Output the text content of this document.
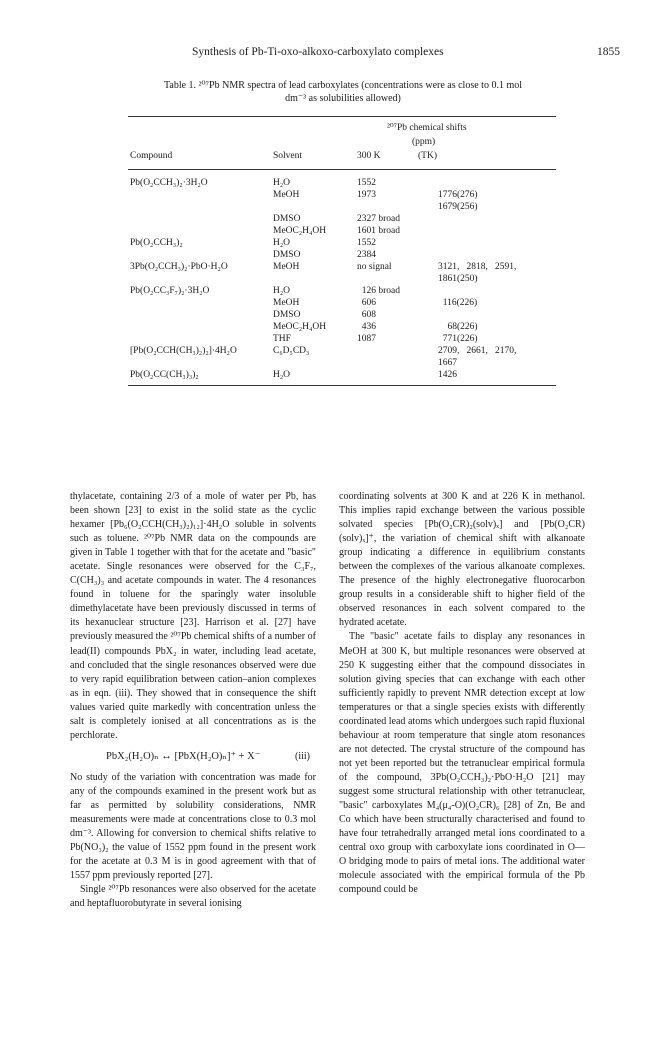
Synthesis of Pb-Ti-oxo-alkoxo-carboxylato complexes	1855
Table 1. ²⁰⁷Pb NMR spectra of lead carboxylates (concentrations were as close to 0.1 mol
dm⁻³ as solubilities allowed)
²⁰⁷Pb chemical shifts
(ppm)
Compound	Solvent	300 K	(TK)
Pb(O₂CCH₃)₂·3H₂O	H₂O	1552
MeOH	1973	1776(276)
1679(256)
DMSO	2327 broad
MeOC₂H₄OH	1601 broad
Pb(O₂CCH₃)₂	H₂O	1552
DMSO	2384
3Pb(O₂CCH₃)₂·PbO·H₂O	MeOH	no signal	3121,   2818,   2591,
1861(250)
Pb(O₂CC₃F₇)₂·3H₂O	H₂O	126 broad
MeOH	606	116(226)
DMSO	608
MeOC₂H₄OH	436	68(226)
THF	1087	771(226)
[Pb(O₂CCH(CH₃)₂)₂]·4H₂O	C₆D₅CD₃	2709,   2661,   2170,
1667
Pb(O₂CC(CH₃)₃)₂	H₂O	1426

thylacetate, containing 2/3 of a mole of water per Pb, has been shown [23] to exist in the solid state as the cyclic hexamer [Pb₆(O₂CCH(CH₃)₂)₁₂]·4H₂O soluble in solvents such as toluene. ²⁰⁷Pb NMR data on the compounds are given in Table 1 together with that for the acetate and "basic" acetate. Single resonances were observed for the C₃F₇, C(CH₃)₃ and acetate compounds in water. The 4 resonances found in toluene for the sparingly water insoluble dimethylacetate have been previously discussed in terms of its hexanuclear structure [23]. Harrison et al. [27] have previously measured the ²⁰⁷Pb chemical shifts of a number of lead(II) compounds PbX₂ in water, including lead acetate, and concluded that the single resonances observed were due to very rapid equilibration between cation–anion complexes as in eqn. (iii). They showed that in consequence the shift values varied quite markedly with concentration unless the salt is completely ionised at all concentrations as is the perchlorate.

PbX₂(H₂O)ₙ ↔ [PbX(H₂O)ₙ]⁺ + X⁻	(iii)

No study of the variation with concentration was made for any of the compounds examined in the present work but as far as permitted by solubility considerations, NMR measurements were made at concentrations close to 0.3 mol dm⁻³. Allowing for conversion to chemical shifts relative to Pb(NO₃)₂ the value of 1552 ppm found in the present work for the acetate at 0.3 M is in good agreement with that of 1557 ppm previously reported [27].

Single ²⁰⁷Pb resonances were also observed for the acetate and heptafluorobutyrate in several ionising

coordinating solvents at 300 K and at 226 K in methanol. This implies rapid exchange between the various possible solvated species [Pb(O₂CR)₂(solv)ₓ] and [Pb(O₂CR)(solv)ₓ]⁺, the variation of chemical shift with alkanoate group indicating a difference in equilibrium constants between the complexes of the various alkanoate complexes. The presence of the highly electronegative fluorocarbon group results in a considerable shift to higher field of the observed resonances in each solvent compared to the hydrated acetate.

The "basic" acetate fails to display any resonances in MeOH at 300 K, but multiple resonances were observed at 250 K suggesting either that the compound dissociates in solution giving species that can exchange with each other sufficiently rapidly to prevent NMR detection except at low temperatures or that a single species exists with differently coordinated lead atoms which undergoes such rapid fluxional behaviour at room temperature that single atom resonances are not detected. The crystal structure of the compound has not yet been reported but the tetranuclear empirical formula of the compound, 3Pb(O₂CCH₃)₂·PbO·H₂O [21] may suggest some structural relationship with other tetranuclear, "basic" carboxylates M₄(μ₄-O)(O₂CR)₆ [28] of Zn, Be and Co which have been structurally characterised and found to have four tetrahedrally arranged metal ions coordinated to a central oxo group with carboxylate ions coordinated in O—O bridging mode to pairs of metal ions. The additional water molecule associated with the empirical formula of the Pb compound could be
